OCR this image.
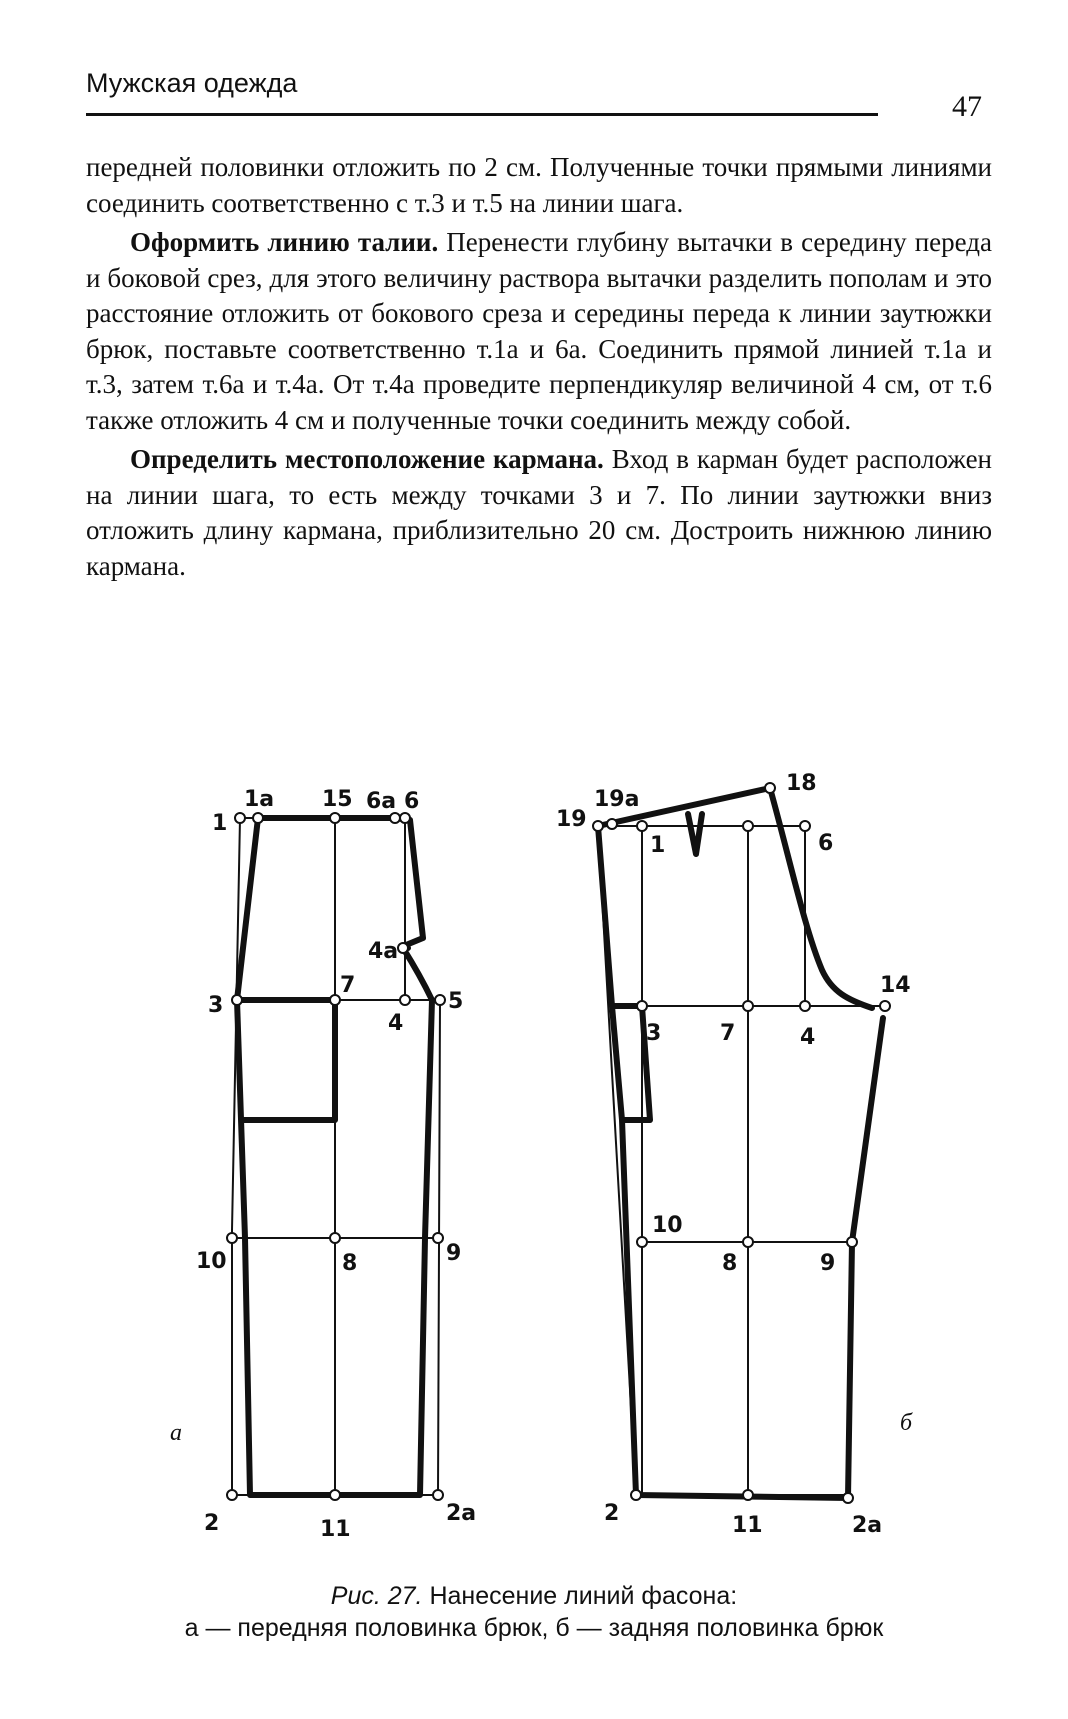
Мужская одежда
47

передней половинки отложить по 2 см. Полученные точки прямыми линиями соединить соответственно с т.3 и т.5 на линии шага.

Оформить линию талии. Перенести глубину вытачки в середину переда и боковой срез, для этого величину раствора вытачки разделить пополам и это расстояние отложить от бокового среза и середины переда к линии заутюжки брюк, поставьте соответственно т.1а и 6а. Соединить прямой линией т.1а и т.3, затем т.6а и т.4а. От т.4а проведите перпендикуляр величиной 4 см, от т.6 также отложить 4 см и полученные точки соединить между собой.

Определить местоположение кармана. Вход в карман будет расположен на линии шага, то есть между точками 3 и 7. По линии заутюжки вниз отложить длину кармана, приблизительно 20 см. Достроить нижнюю линию кармана.

1
1а 15 6а 6
4а
3
7
4
5
10	8	9
2	11
2а
а
19
19а
1
18
6
14
3	7	4
10
8	9
2	11	2а
б
Рис. 27. Нанесение линий фасона:
а — передняя половинка брюк, б — задняя половинка брюк
